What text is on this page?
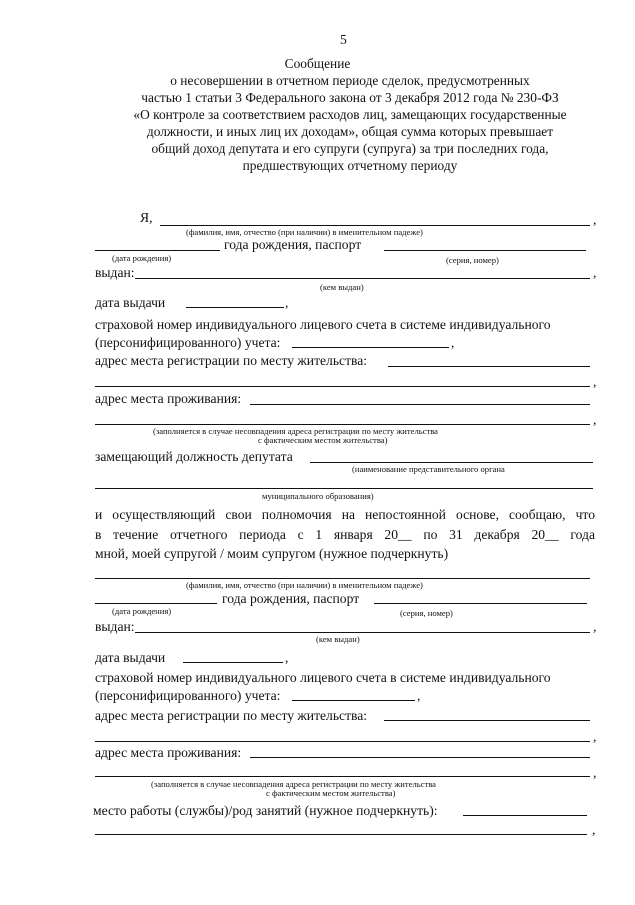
5
Сообщение
о несовершении в отчетном периоде сделок, предусмотренных
частью 1 статьи 3 Федерального закона от 3 декабря 2012 года № 230-ФЗ
«О контроле за соответствием расходов лиц, замещающих государственные
должности, и иных лиц их доходам», общая сумма которых превышает
общий доход депутата и его супруги (супруга) за три последних года,
предшествующих отчетному периоду
Я,	,
(фамилия, имя, отчество (при наличии) в именительном падеже)
года рождения, паспорт
(дата рождения)	(серия, номер)
выдан:	,
(кем выдан)
дата выдачи	,
страховой номер индивидуального лицевого счета в системе индивидуального
(персонифицированного) учета:	,
адрес места регистрации по месту жительства:
,
адрес места проживания:
,
(заполняется в случае несовпадения адреса регистрации по месту жительства
с фактическим местом жительства)
замещающий должность депутата
(наименование представительного органа
муниципального образования)
и осуществляющий свои полномочия на непостоянной основе, сообщаю, что
в течение отчетного периода с 1 января 20__ по 31 декабря 20__ года
мной, моей супругой / моим супругом (нужное подчеркнуть)
(фамилия, имя, отчество (при наличии) в именительном падеже)
года рождения, паспорт
(дата рождения)	(серия, номер)
выдан:	,
(кем выдан)
дата выдачи	,
страховой номер индивидуального лицевого счета в системе индивидуального
(персонифицированного) учета:	,
адрес места регистрации по месту жительства:
,
адрес места проживания:
,
(заполняется в случае несовпадения адреса регистрации по месту жительства
с фактическим местом жительства)
место работы (службы)/род занятий (нужное подчеркнуть):
,
